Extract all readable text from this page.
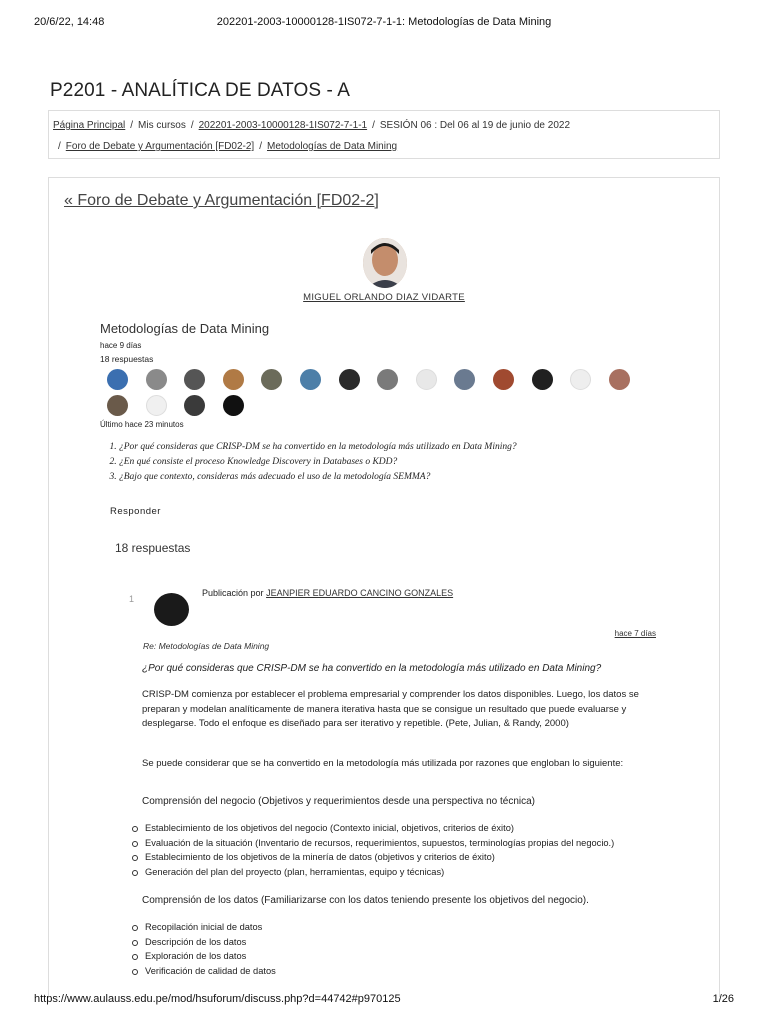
20/6/22, 14:48	202201-2003-10000128-1IS072-7-1-1: Metodologías de Data Mining
P2201 - ANALÍTICA DE DATOS - A
Página Principal / Mis cursos / 202201-2003-10000128-1IS072-7-1-1 / SESIÓN 06 : Del 06 al 19 de junio de 2022
/ Foro de Debate y Argumentación [FD02-2] / Metodologías de Data Mining
« Foro de Debate y Argumentación [FD02-2]
MIGUEL ORLANDO DIAZ VIDARTE
Metodologías de Data Mining
hace 9 días
18 respuestas
Último hace 23 minutos
1. ¿Por qué consideras que CRISP-DM se ha convertido en la metodología más utilizado en Data Mining?
2. ¿En qué consiste el proceso Knowledge Discovery in Databases o KDD?
3. ¿Bajo que contexto, consideras más adecuado el uso de la metodología SEMMA?
Responder
18 respuestas
1
Publicación por JEANPIER EDUARDO CANCINO GONZALES
hace 7 días
Re: Metodologías de Data Mining
¿Por qué consideras que CRISP-DM se ha convertido en la metodología más utilizado en Data Mining?

CRISP-DM comienza por establecer el problema empresarial y comprender los datos disponibles. Luego, los datos se preparan y modelan analíticamente de manera iterativa hasta que se consigue un resultado que puede evaluarse y desplegarse. Todo el enfoque es diseñado para ser iterativo y repetible. (Pete, Julian, & Randy, 2000)

Se puede considerar que se ha convertido en la metodología más utilizada por razones que engloban lo siguiente:

Comprensión del negocio (Objetivos y requerimientos desde una perspectiva no técnica)
Establecimiento de los objetivos del negocio (Contexto inicial, objetivos, criterios de éxito)
Evaluación de la situación (Inventario de recursos, requerimientos, supuestos, terminologías propias del negocio.)
Establecimiento de los objetivos de la minería de datos (objetivos y criterios de éxito)
Generación del plan del proyecto (plan, herramientas, equipo y técnicas)
Comprensión de los datos (Familiarizarse con los datos teniendo presente los objetivos del negocio).
Recopilación inicial de datos
Descripción de los datos
Exploración de los datos
Verificación de calidad de datos
https://www.aulauss.edu.pe/mod/hsuforum/discuss.php?d=44742#p970125	1/26
